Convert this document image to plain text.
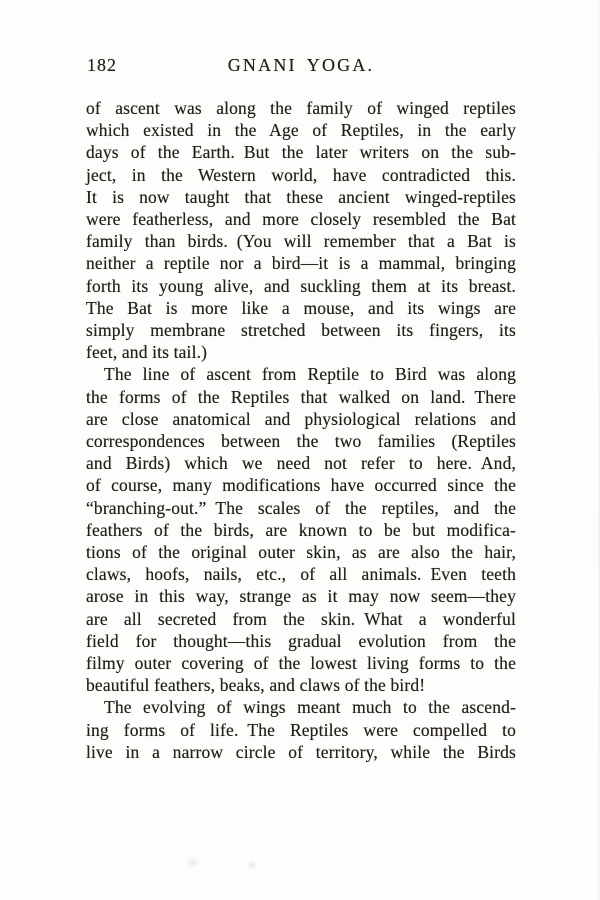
182	GNANI YOGA.
of ascent was along the family of winged reptiles
which existed in the Age of Reptiles, in the early
days of the Earth. But the later writers on the sub-
ject, in the Western world, have contradicted this.
It is now taught that these ancient winged-reptiles
were featherless, and more closely resembled the Bat
family than birds. (You will remember that a Bat is
neither a reptile nor a bird—it is a mammal, bringing
forth its young alive, and suckling them at its breast.
The Bat is more like a mouse, and its wings are
simply membrane stretched between its fingers, its
feet, and its tail.)
The line of ascent from Reptile to Bird was along
the forms of the Reptiles that walked on land. There
are close anatomical and physiological relations and
correspondences between the two families (Reptiles
and Birds) which we need not refer to here. And,
of course, many modifications have occurred since the
“branching-out.” The scales of the reptiles, and the
feathers of the birds, are known to be but modifica-
tions of the original outer skin, as are also the hair,
claws, hoofs, nails, etc., of all animals. Even teeth
arose in this way, strange as it may now seem—they
are all secreted from the skin. What a wonderful
field for thought—this gradual evolution from the
filmy outer covering of the lowest living forms to the
beautiful feathers, beaks, and claws of the bird!
The evolving of wings meant much to the ascend-
ing forms of life. The Reptiles were compelled to
live in a narrow circle of territory, while the Birds
